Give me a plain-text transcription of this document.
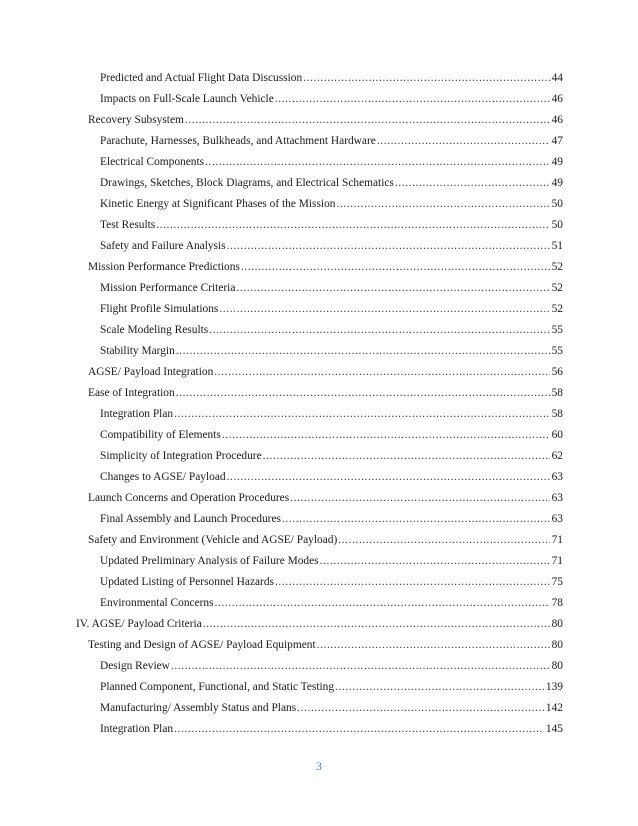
Predicted and Actual Flight Data Discussion .....	44
Impacts on Full-Scale Launch Vehicle .....	46
Recovery Subsystem .....	46
Parachute, Harnesses, Bulkheads, and Attachment Hardware .....	47
Electrical Components .....	49
Drawings, Sketches, Block Diagrams, and Electrical Schematics .....	49
Kinetic Energy at Significant Phases of the Mission .....	50
Test Results .....	50
Safety and Failure Analysis .....	51
Mission Performance Predictions .....	52
Mission Performance Criteria .....	52
Flight Profile Simulations .....	52
Scale Modeling Results .....	55
Stability Margin .....	55
AGSE/ Payload Integration .....	56
Ease of Integration .....	58
Integration Plan .....	58
Compatibility of Elements .....	60
Simplicity of Integration Procedure .....	62
Changes to AGSE/ Payload .....	63
Launch Concerns and Operation Procedures .....	63
Final Assembly and Launch Procedures .....	63
Safety and Environment (Vehicle and AGSE/ Payload) .....	71
Updated Preliminary Analysis of Failure Modes .....	71
Updated Listing of Personnel Hazards .....	75
Environmental Concerns .....	78
IV. AGSE/ Payload Criteria .....	80
Testing and Design of AGSE/ Payload Equipment .....	80
Design Review .....	80
Planned Component, Functional, and Static Testing .....	139
Manufacturing/ Assembly Status and Plans .....	142
Integration Plan .....	145
3
